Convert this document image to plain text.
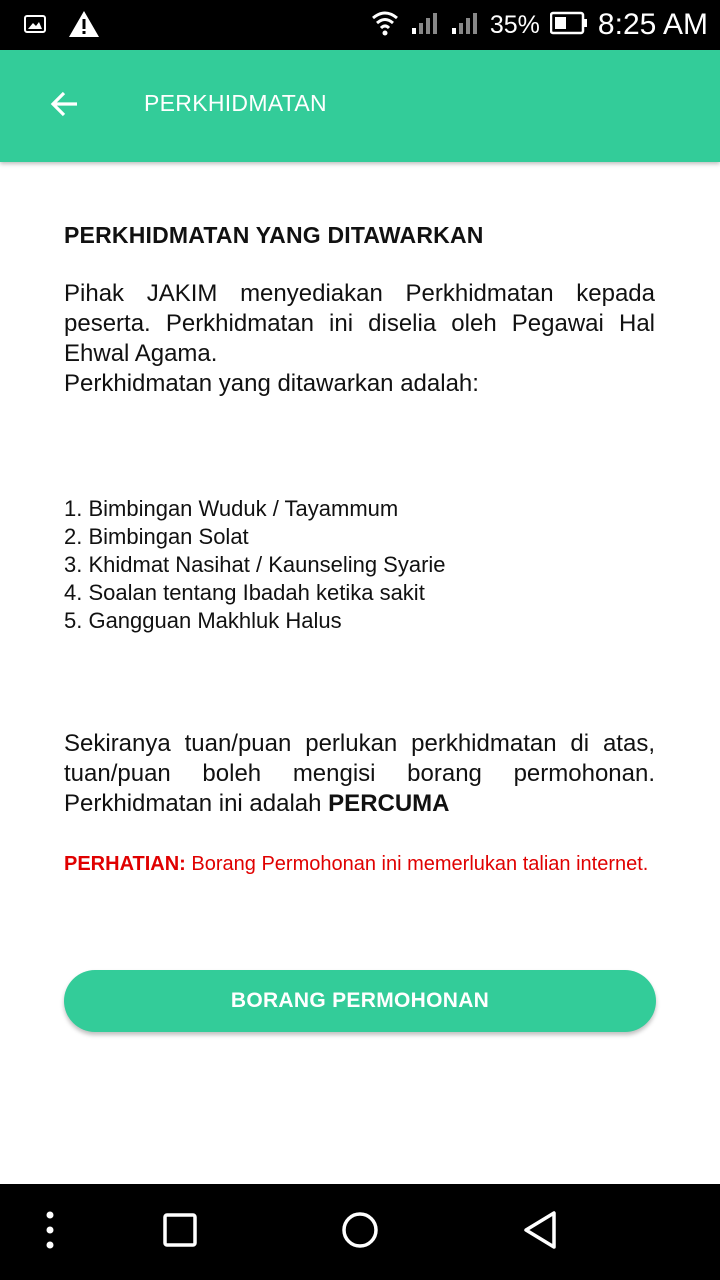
35% 8:25 AM
PERKHIDMATAN
PERKHIDMATAN YANG DITAWARKAN

Pihak JAKIM menyediakan Perkhidmatan kepada peserta. Perkhidmatan ini diselia oleh Pegawai Hal Ehwal Agama.

Perkhidmatan yang ditawarkan adalah:

1. Bimbingan Wuduk / Tayammum
2. Bimbingan Solat
3. Khidmat Nasihat / Kaunseling Syarie
4. Soalan tentang Ibadah ketika sakit
5. Gangguan Makhluk Halus

Sekiranya tuan/puan perlukan perkhidmatan di atas, tuan/puan boleh mengisi borang permohonan. Perkhidmatan ini adalah PERCUMA

PERHATIAN: Borang Permohonan ini memerlukan talian internet.

BORANG PERMOHONAN
